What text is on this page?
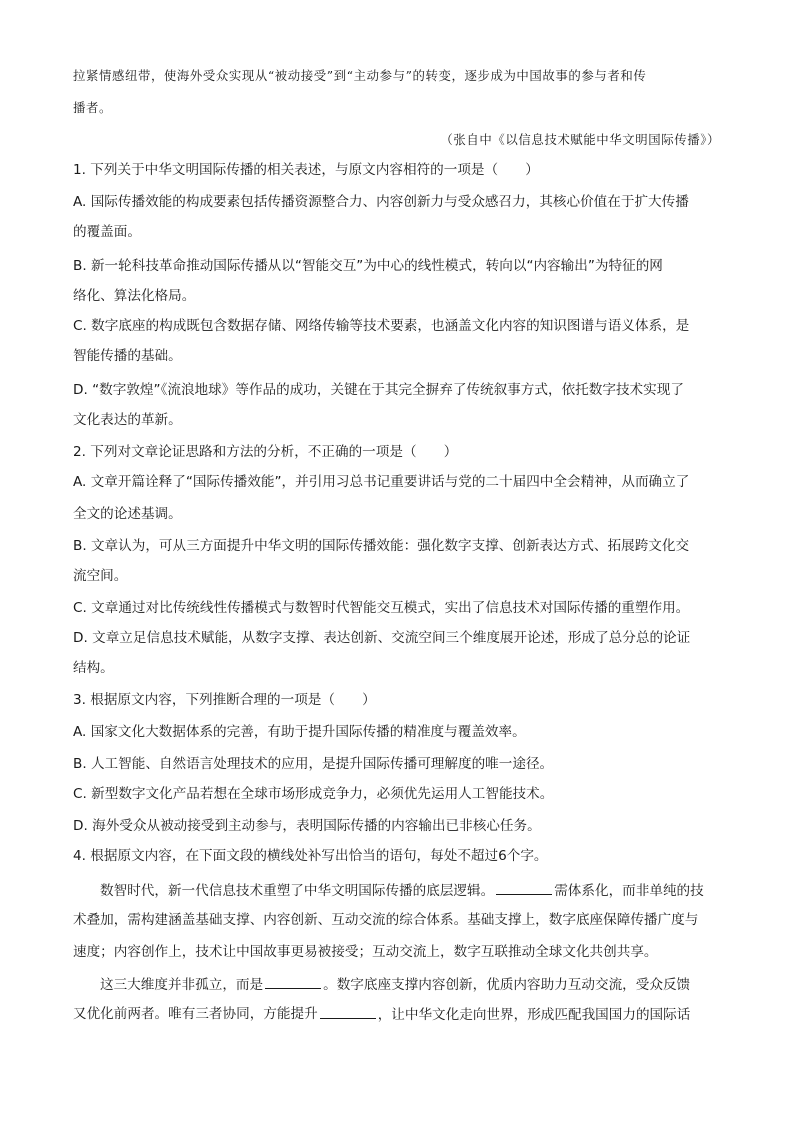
拉紧情感纽带，使海外受众实现从“被动接受”到“主动参与”的转变，逐步成为中国故事的参与者和传
播者。
（张自中《以信息技术赋能中华文明国际传播》）
1. 下列关于中华文明国际传播的相关表述，与原文内容相符的一项是（　　）
A. 国际传播效能的构成要素包括传播资源整合力、内容创新力与受众感召力，其核心价值在于扩大传播
的覆盖面。
B. 新一轮科技革命推动国际传播从以“智能交互”为中心的线性模式，转向以“内容输出”为特征的网
络化、算法化格局。
C. 数字底座的构成既包含数据存储、网络传输等技术要素，也涵盖文化内容的知识图谱与语义体系，是
智能传播的基础。
D. “数字敦煌”《流浪地球》等作品的成功，关键在于其完全摒弃了传统叙事方式，依托数字技术实现了
文化表达的革新。
2. 下列对文章论证思路和方法的分析，不正确的一项是（　　）
A. 文章开篇诠释了“国际传播效能”，并引用习总书记重要讲话与党的二十届四中全会精神，从而确立了
全文的论述基调。
B. 文章认为，可从三方面提升中华文明的国际传播效能：强化数字支撑、创新表达方式、拓展跨文化交
流空间。
C. 文章通过对比传统线性传播模式与数智时代智能交互模式，实出了信息技术对国际传播的重塑作用。
D. 文章立足信息技术赋能，从数字支撑、表达创新、交流空间三个维度展开论述，形成了总分总的论证
结构。
3. 根据原文内容，下列推断合理的一项是（　　）
A. 国家文化大数据体系的完善，有助于提升国际传播的精准度与覆盖效率。
B. 人工智能、自然语言处理技术的应用，是提升国际传播可理解度的唯一途径。
C. 新型数字文化产品若想在全球市场形成竞争力，必须优先运用人工智能技术。
D. 海外受众从被动接受到主动参与，表明国际传播的内容输出已非核心任务。
4. 根据原文内容，在下面文段的横线处补写出恰当的语句，每处不超过6个字。
数智时代，新一代信息技术重塑了中华文明国际传播的底层逻辑。	需体系化，而非单纯的技
术叠加，需构建涵盖基础支撑、内容创新、互动交流的综合体系。基础支撑上，数字底座保障传播广度与
速度；内容创作上，技术让中国故事更易被接受；互动交流上，数字互联推动全球文化共创共享。
这三大维度并非孤立，而是	。数字底座支撑内容创新，优质内容助力互动交流，受众反馈
又优化前两者。唯有三者协同，方能提升	，让中华文化走向世界，形成匹配我国国力的国际话
